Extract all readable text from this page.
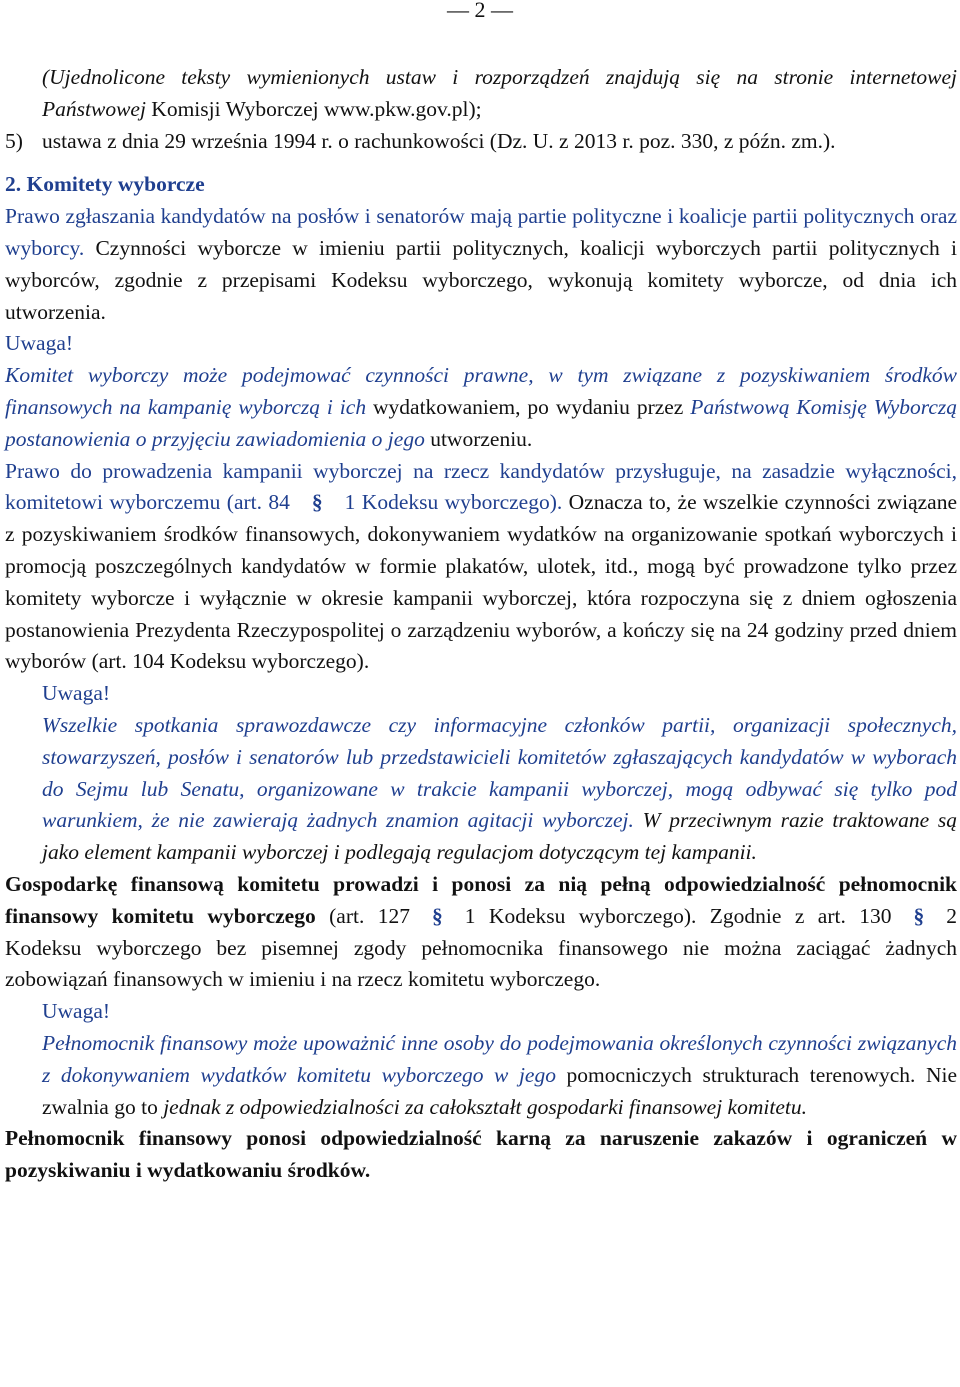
— 2 —

(Ujednolicone teksty wymienionych ustaw i rozporządzeń znajdują się na stronie internetowej Państwowej Komisji Wyborczej www.pkw.gov.pl);

5) ustawa z dnia 29 września 1994 r. o rachunkowości (Dz. U. z 2013 r. poz. 330, z późn. zm.).

2. Komitety wyborcze

Prawo zgłaszania kandydatów na posłów i senatorów mają partie polityczne i koalicje partii politycznych oraz wyborcy. Czynności wyborcze w imieniu partii politycznych, koalicji wyborczych partii politycznych i wyborców, zgodnie z przepisami Kodeksu wyborczego, wykonują komitety wyborcze, od dnia ich utworzenia.

Uwaga!

Komitet wyborczy może podejmować czynności prawne, w tym związane z pozyskiwaniem środków finansowych na kampanię wyborczą i ich wydatkowaniem, po wydaniu przez Państwową Komisję Wyborczą postanowienia o przyjęciu zawiadomienia o jego utworzeniu.

Prawo do prowadzenia kampanii wyborczej na rzecz kandydatów przysługuje, na zasadzie wyłączności, komitetowi wyborczemu (art. 84 § 1 Kodeksu wyborczego). Oznacza to, że wszelkie czynności związane z pozyskiwaniem środków finansowych, dokonywaniem wydatków na organizowanie spotkań wyborczych i promocją poszczególnych kandydatów w formie plakatów, ulotek, itd., mogą być prowadzone tylko przez komitety wyborcze i wyłącznie w okresie kampanii wyborczej, która rozpoczyna się z dniem ogłoszenia postanowienia Prezydenta Rzeczypospolitej o zarządzeniu wyborów, a kończy się na 24 godziny przed dniem wyborów (art. 104 Kodeksu wyborczego).

Uwaga!

Wszelkie spotkania sprawozdawcze czy informacyjne członków partii, organizacji społecznych, stowarzyszeń, posłów i senatorów lub przedstawicieli komitetów zgłaszających kandydatów w wyborach do Sejmu lub Senatu, organizowane w trakcie kampanii wyborczej, mogą odbywać się tylko pod warunkiem, że nie zawierają żadnych znamion agitacji wyborczej. W przeciwnym razie traktowane są jako element kampanii wyborczej i podlegają regulacjom dotyczącym tej kampanii.

Gospodarkę finansową komitetu prowadzi i ponosi za nią pełną odpowiedzialność pełnomocnik finansowy komitetu wyborczego (art. 127 § 1 Kodeksu wyborczego). Zgodnie z art. 130 § 2 Kodeksu wyborczego bez pisemnej zgody pełnomocnika finansowego nie można zaciągać żadnych zobowiązań finansowych w imieniu i na rzecz komitetu wyborczego.

Uwaga!

Pełnomocnik finansowy może upoważnić inne osoby do podejmowania określonych czynności związanych z dokonywaniem wydatków komitetu wyborczego w jego pomocniczych strukturach terenowych. Nie zwalnia go to jednak z odpowiedzialności za całokształt gospodarki finansowej komitetu.

Pełnomocnik finansowy ponosi odpowiedzialność karną za naruszenie zakazów i ograniczeń w pozyskiwaniu i wydatkowaniu środków.
